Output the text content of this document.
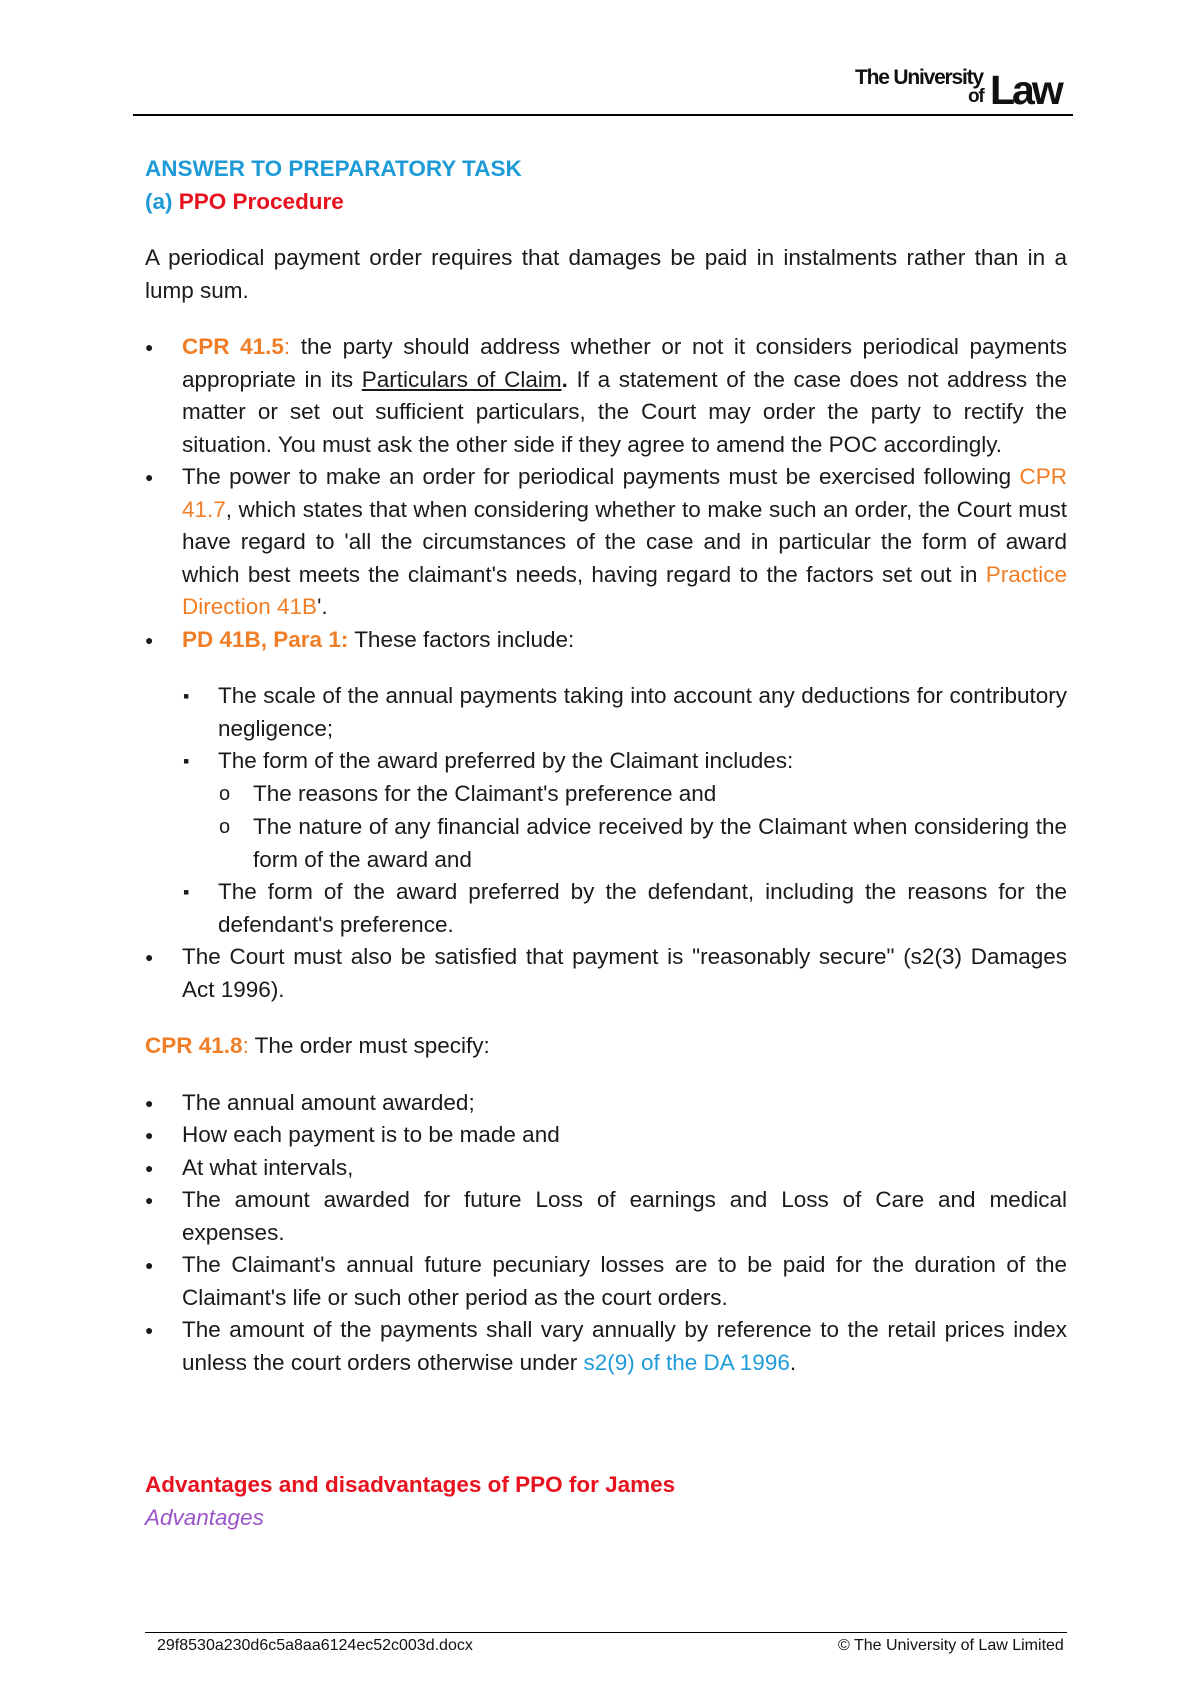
The University
of Law

ANSWER TO PREPARATORY TASK

(a) PPO Procedure

A periodical payment order requires that damages be paid in instalments rather than in a lump sum.

● CPR 41.5: the party should address whether or not it considers periodical payments appropriate in its Particulars of Claim. If a statement of the case does not address the matter or set out sufficient particulars, the Court may order the party to rectify the situation. You must ask the other side if they agree to amend the POC accordingly.
● The power to make an order for periodical payments must be exercised following CPR 41.7, which states that when considering whether to make such an order, the Court must have regard to 'all the circumstances of the case and in particular the form of award which best meets the claimant's needs, having regard to the factors set out in Practice Direction 41B'.
● PD 41B, Para 1: These factors include:
▪ The scale of the annual payments taking into account any deductions for contributory negligence;
▪ The form of the award preferred by the Claimant includes:
o The reasons for the Claimant's preference and
o The nature of any financial advice received by the Claimant when considering the form of the award and
▪ The form of the award preferred by the defendant, including the reasons for the defendant's preference.
● The Court must also be satisfied that payment is "reasonably secure" (s2(3) Damages Act 1996).

CPR 41.8: The order must specify:

● The annual amount awarded;
● How each payment is to be made and
● At what intervals,
● The amount awarded for future Loss of earnings and Loss of Care and medical expenses.
● The Claimant's annual future pecuniary losses are to be paid for the duration of the Claimant's life or such other period as the court orders.
● The amount of the payments shall vary annually by reference to the retail prices index unless the court orders otherwise under s2(9) of the DA 1996.

Advantages and disadvantages of PPO for James

Advantages

29f8530a230d6c5a8aa6124ec52c003d.docx	© The University of Law Limited
